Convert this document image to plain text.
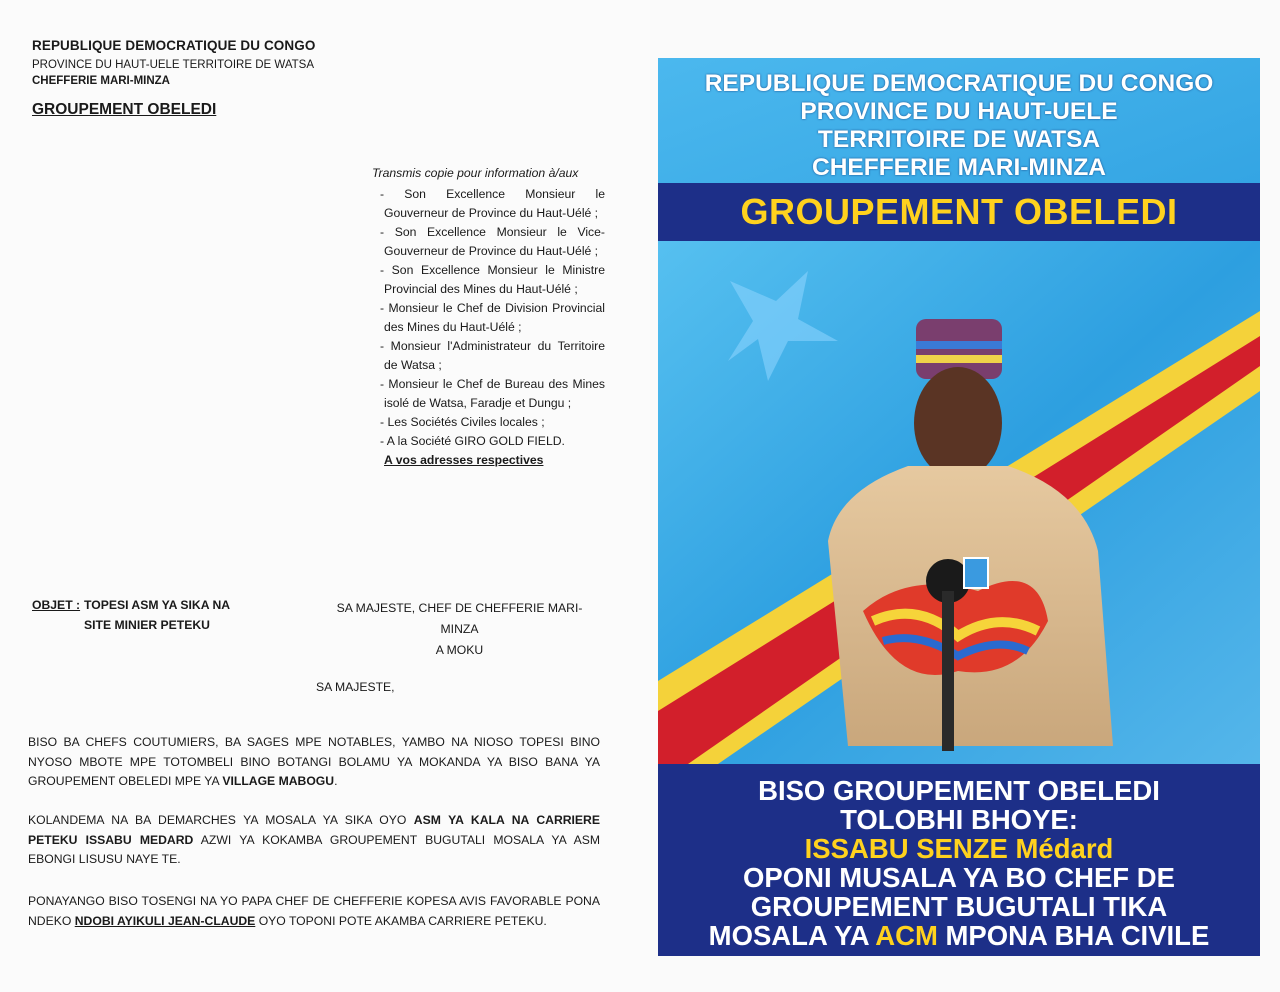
REPUBLIQUE DEMOCRATIQUE DU CONGO
PROVINCE DU HAUT-UELE TERRITOIRE DE WATSA
CHEFFERIE MARI-MINZA
GROUPEMENT OBELEDI
Transmis copie pour information à/aux
- Son Excellence Monsieur le Gouverneur de Province du Haut-Uélé ;
- Son Excellence Monsieur le Vice-Gouverneur de Province du Haut-Uélé ;
- Son Excellence Monsieur le Ministre Provincial des Mines du Haut-Uélé ;
- Monsieur le Chef de Division Provincial des Mines du Haut-Uélé ;
- Monsieur l'Administrateur du Territoire de Watsa ;
- Monsieur le Chef de Bureau des Mines isolé de Watsa, Faradje et Dungu ;
- Les Sociétés Civiles locales ;
- A la Société GIRO GOLD FIELD.
A vos adresses respectives
OBJET : TOPESI ASM YA SIKA NA SITE MINIER PETEKU
SA MAJESTE, CHEF DE CHEFFERIE MARI-MINZA
A MOKU
SA MAJESTE,
BISO BA CHEFS COUTUMIERS, BA SAGES MPE NOTABLES, YAMBO NA NIOSO TOPESI BINO NYOSO MBOTE MPE TOTOMBELI BINO BOTANGI BOLAMU YA MOKANDA YA BISO BANA YA GROUPEMENT OBELEDI MPE YA VILLAGE MABOGU.
KOLANDEMA NA BA DEMARCHES YA MOSALA YA SIKA OYO ASM YA KALA NA CARRIERE PETEKU ISSABU MEDARD AZWI YA KOKAMBA GROUPEMENT BUGUTALI MOSALA YA ASM EBONGI LISUSU NAYE TE.
PONAYANGO BISO TOSENGI NA YO PAPA CHEF DE CHEFFERIE KOPESA AVIS FAVORABLE PONA NDEKO NDOBI AYIKULI JEAN-CLAUDE OYO TOPONI POTE AKAMBA CARRIERE PETEKU.
REPUBLIQUE DEMOCRATIQUE DU CONGO
PROVINCE DU HAUT-UELE
TERRITOIRE DE WATSA
CHEFFERIE MARI-MINZA
GROUPEMENT OBELEDI
BISO GROUPEMENT OBELEDI
TOLOBHI BHOYE:
ISSABU SENZE Médard
OPONI MUSALA YA BO CHEF DE
GROUPEMENT BUGUTALI TIKA
MOSALA YA ACM MPONA BHA CIVILE
